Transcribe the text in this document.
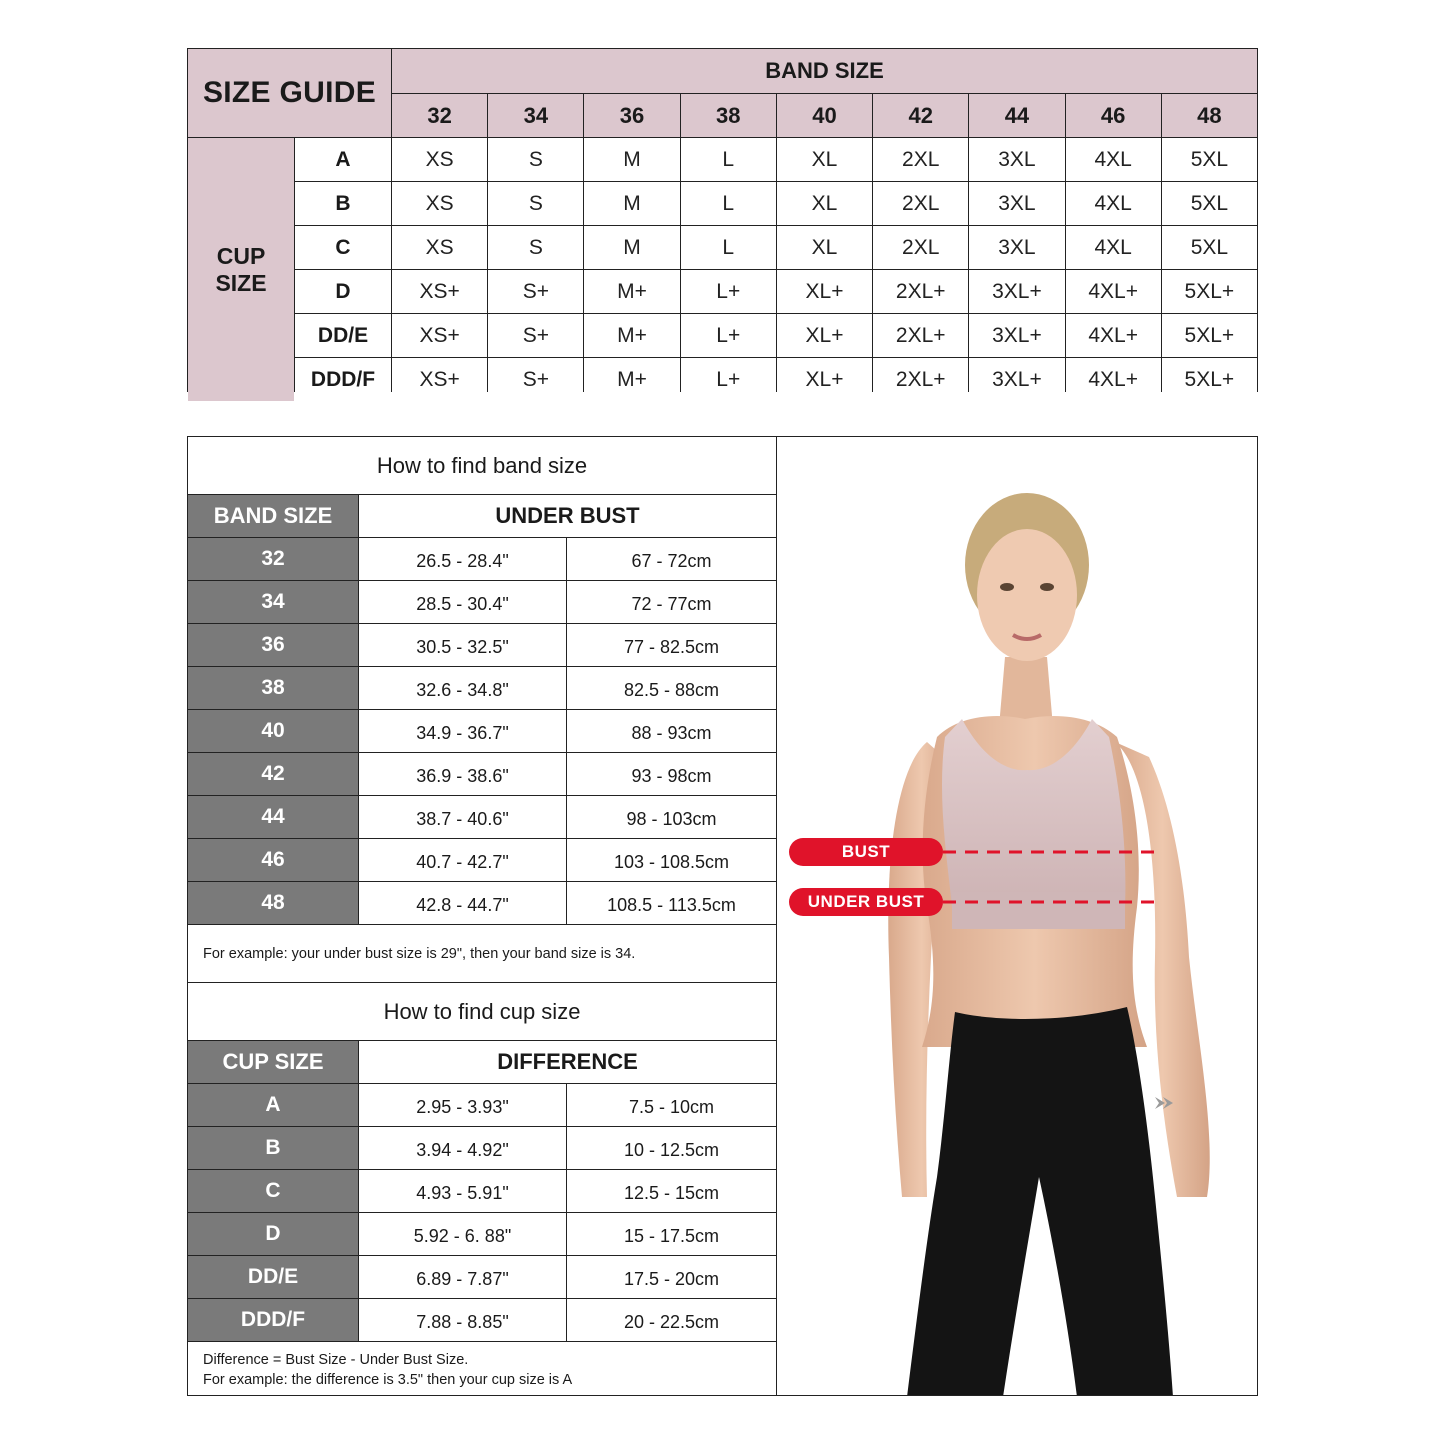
SIZE GUIDE
BAND SIZE
CUP
SIZE
32	34	36	38	40	42	44	46	48
A	XS	S	M	L	XL	2XL	3XL	4XL	5XL
B	XS	S	M	L	XL	2XL	3XL	4XL	5XL
C	XS	S	M	L	XL	2XL	3XL	4XL	5XL
D	XS+	S+	M+	L+	XL+	2XL+	3XL+	4XL+	5XL+
DD/E	XS+	S+	M+	L+	XL+	2XL+	3XL+	4XL+	5XL+
DDD/F	XS+	S+	M+	L+	XL+	2XL+	3XL+	4XL+	5XL+
How to find band size
BAND SIZE	UNDER BUST
32	26.5 - 28.4"	67 - 72cm
34	28.5 - 30.4"	72 - 77cm
36	30.5 - 32.5"	77 - 82.5cm
38	32.6 - 34.8"	82.5 - 88cm
40	34.9 - 36.7"	88 - 93cm
42	36.9 - 38.6"	93 - 98cm
44	38.7 - 40.6"	98 - 103cm
46	40.7 - 42.7"	103 - 108.5cm
48	42.8 - 44.7"	108.5 - 113.5cm
For example: your under bust size is 29", then your band size is 34.
How to find cup size
CUP SIZE	DIFFERENCE
A	2.95 - 3.93"	7.5 - 10cm
B	3.94 - 4.92"	10 - 12.5cm
C	4.93 - 5.91"	12.5 - 15cm
D	5.92 - 6. 88"	15 - 17.5cm
DD/E	6.89 - 7.87"	17.5 - 20cm
DDD/F	7.88 - 8.85"	20 - 22.5cm
Difference = Bust Size - Under Bust Size.
For example: the difference is 3.5" then your cup size is A
BUST
UNDER BUST
